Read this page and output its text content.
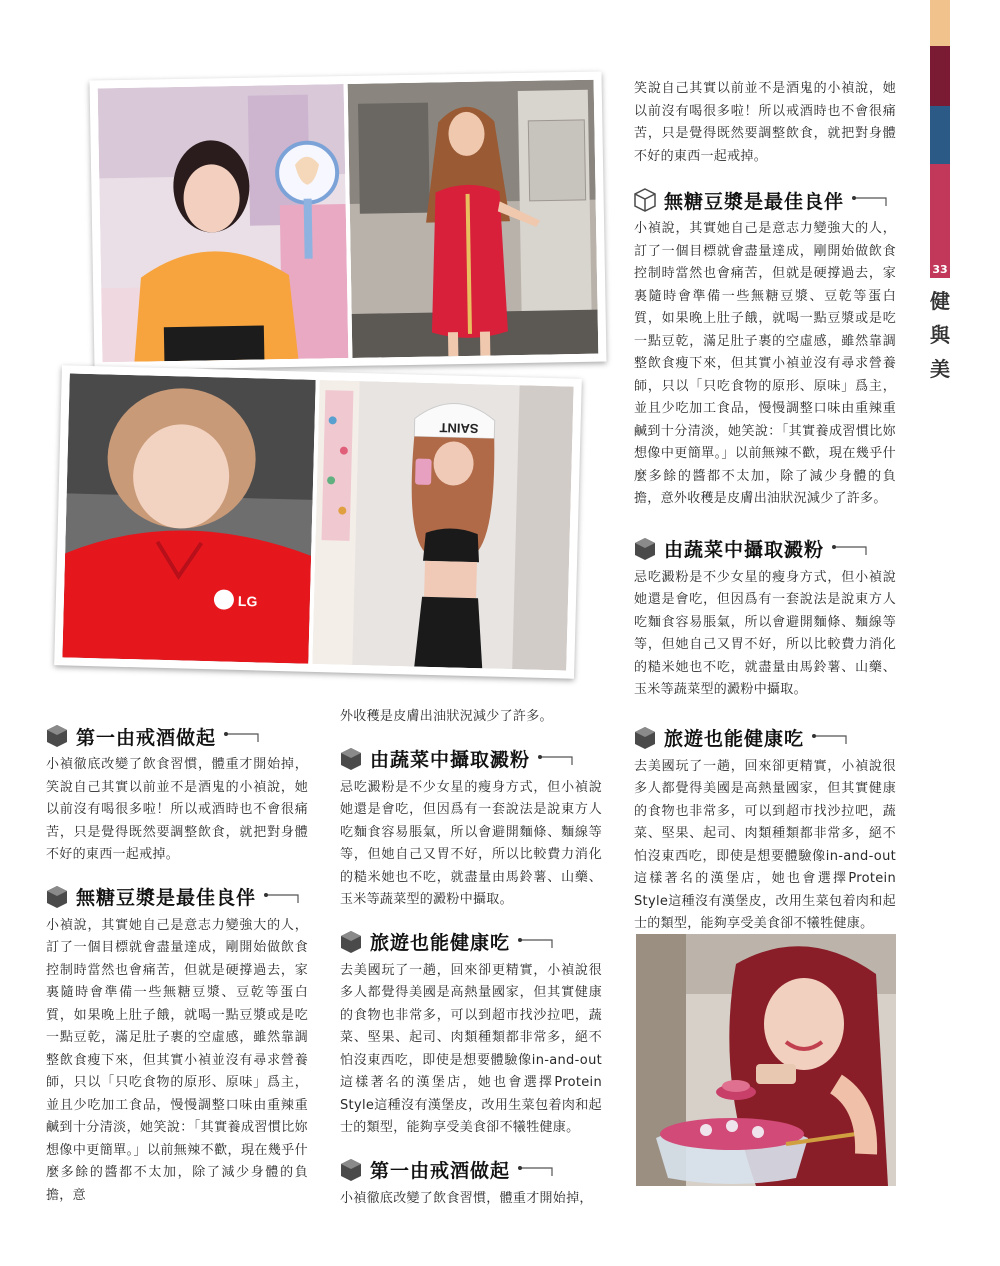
33
健
與
美
LG
SAINT

笑說自己其實以前並不是酒鬼的小禎說，她以前沒有喝很多啦！所以戒酒時也不會很痛苦，只是覺得既然要調整飲食，就把對身體不好的東西一起戒掉。

無糖豆漿是最佳良伴

小禎說，其實她自己是意志力變強大的人，訂了一個目標就會盡量達成，剛開始做飲食控制時當然也會痛苦，但就是硬撐過去，家裏隨時會準備一些無糖豆漿、豆乾等蛋白質，如果晚上肚子餓，就喝一點豆漿或是吃一點豆乾，滿足肚子裹的空虛感，雖然靠調整飲食瘦下來，但其實小禎並沒有尋求營養師，只以「只吃食物的原形、原味」爲主，並且少吃加工食品，慢慢調整口味由重辣重鹹到十分清淡，她笑說：「其實養成習慣比妳想像中更簡單。」以前無辣不歡，現在幾乎什麼多餘的醬都不太加，除了減少身體的負擔，意外收穫是皮膚出油狀況減少了許多。

由蔬菜中攝取澱粉

忌吃澱粉是不少女星的瘦身方式，但小禎說她還是會吃，但因爲有一套說法是說東方人吃麵食容易脹氣，所以會避開麵條、麵線等等，但她自己又胃不好，所以比較費力消化的糙米她也不吃，就盡量由馬鈴薯、山藥、玉米等蔬菜型的澱粉中攝取。

旅遊也能健康吃

去美國玩了一趟，回來卻更精實，小禎說很多人都覺得美國是高熱量國家，但其實健康的食物也非常多，可以到超市找沙拉吧，蔬菜、堅果、起司、肉類種類都非常多，絕不怕沒東西吃，即使是想要體驗像in-and-out這樣著名的漢堡店，她也會選擇Protein Style這種沒有漢堡皮，改用生菜包着肉和起士的類型，能夠享受美食卻不犧牲健康。

第一由戒酒做起

小禎徹底改變了飲食習慣，體重才開始掉，笑說自己其實以前並不是酒鬼的小禎說，她以前沒有喝很多啦！所以戒酒時也不會很痛苦，只是覺得既然要調整飲食，就把對身體不好的東西一起戒掉。

無糖豆漿是最佳良伴

小禎說，其實她自己是意志力變強大的人，訂了一個目標就會盡量達成，剛開始做飲食控制時當然也會痛苦，但就是硬撐過去，家裏隨時會準備一些無糖豆漿、豆乾等蛋白質，如果晚上肚子餓，就喝一點豆漿或是吃一點豆乾，滿足肚子裹的空虛感，雖然靠調整飲食瘦下來，但其實小禎並沒有尋求營養師，只以「只吃食物的原形、原味」爲主，並且少吃加工食品，慢慢調整口味由重辣重鹹到十分清淡，她笑說：「其實養成習慣比妳想像中更簡單。」以前無辣不歡，現在幾乎什麼多餘的醬都不太加，除了減少身體的負擔，意

外收穫是皮膚出油狀況減少了許多。

由蔬菜中攝取澱粉

忌吃澱粉是不少女星的瘦身方式，但小禎說她還是會吃，但因爲有一套說法是說東方人吃麵食容易脹氣，所以會避開麵條、麵線等等，但她自己又胃不好，所以比較費力消化的糙米她也不吃，就盡量由馬鈴薯、山藥、玉米等蔬菜型的澱粉中攝取。

旅遊也能健康吃

去美國玩了一趟，回來卻更精實，小禎說很多人都覺得美國是高熱量國家，但其實健康的食物也非常多，可以到超市找沙拉吧，蔬菜、堅果、起司、肉類種類都非常多，絕不怕沒東西吃，即使是想要體驗像in-and-out這樣著名的漢堡店，她也會選擇Protein Style這種沒有漢堡皮，改用生菜包着肉和起士的類型，能夠享受美食卻不犧牲健康。

第一由戒酒做起

小禎徹底改變了飲食習慣，體重才開始掉，
